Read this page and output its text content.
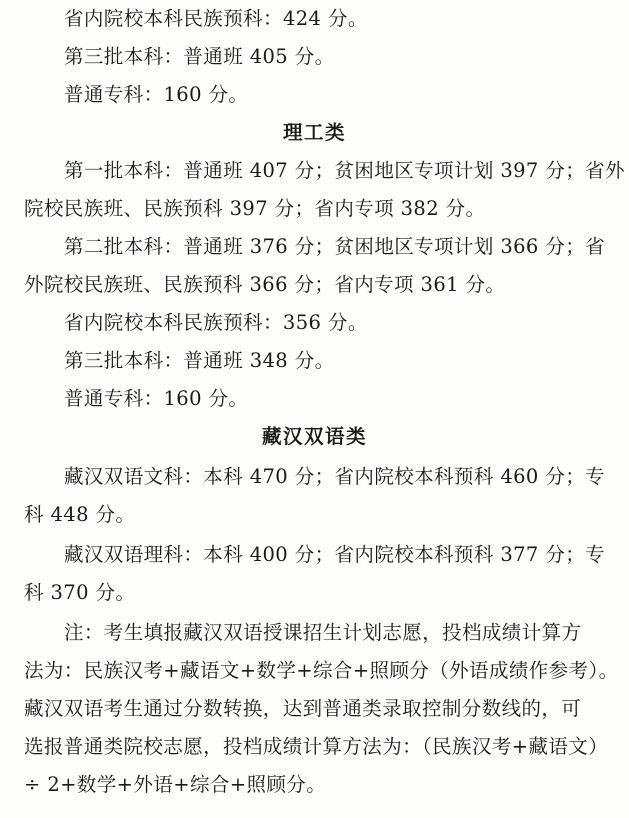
省内院校本科民族预科：424 分。
第三批本科：普通班 405 分。
普通专科：160 分。
理工类
第一批本科：普通班 407 分；贫困地区专项计划 397 分；省外
院校民族班、民族预科 397 分；省内专项 382 分。
第二批本科：普通班 376 分；贫困地区专项计划 366 分；省
外院校民族班、民族预科 366 分；省内专项 361 分。
省内院校本科民族预科：356 分。
第三批本科：普通班 348 分。
普通专科：160 分。
藏汉双语类
藏汉双语文科：本科 470 分；省内院校本科预科 460 分；专
科 448 分。
藏汉双语理科：本科 400 分；省内院校本科预科 377 分；专
科 370 分。
注：考生填报藏汉双语授课招生计划志愿，投档成绩计算方
法为：民族汉考+藏语文+数学+综合+照顾分（外语成绩作参考）。
藏汉双语考生通过分数转换，达到普通类录取控制分数线的，可
选报普通类院校志愿，投档成绩计算方法为：（民族汉考+藏语文）
÷ 2+数学+外语+综合+照顾分。
